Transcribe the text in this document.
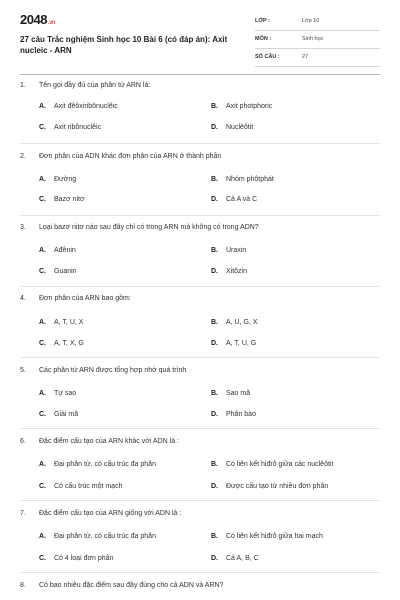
2048.vn
27 câu Trắc nghiệm Sinh học 10 Bài 6 (có đáp án): Axit nucleic - ARN
LỚP :	Lớp 10
MÔN :	Sinh học
SỐ CÂU :	27
1. Tên gọi đầy đủ của phân tử ARN là:
A. Axit đêôxiribônuclêic	B. Axit photphoric
C. Axit ribônuclêic	D. Nuclêôtit
2. Đơn phân của ADN khác đơn phân của ARN ở thành phần
A. Đường	B. Nhóm phôtphát
C. Bazơ nitơ	D. Cả A và C
3. Loại bazơ nitơ nào sau đây chỉ có trong ARN mà không có trong ADN?
A. Ađênin	B. Uraxin
C. Guanin	D. Xitôzin
4. Đơn phân của ARN bao gồm:
A. A, T, U, X	B. A, U, G, X
C. A, T, X, G	D. A, T, U, G
5. Các phân tử ARN được tổng hợp nhờ quá trình
A. Tự sao	B. Sao mã
C. Giải mã	D. Phân bào
6. Đặc điểm cấu tạo của ARN khác với ADN là :
A. Đại phân tử, có cấu trúc đa phân	B. Có liên kết hiđrô giữa các nuclêôtit
C. Có cấu trúc một mạch	D. Được cấu tạo từ nhiều đơn phân
7. Đặc điểm cấu tạo của ARN giống với ADN là :
A. Đại phân tử, có cấu trúc đa phân	B. Có liên kết hiđrô giữa hai mạch
C. Có 4 loại đơn phân	D. Cả A, B, C
8. Có bao nhiêu đặc điểm sau đây đúng cho cả ADN và ARN?
